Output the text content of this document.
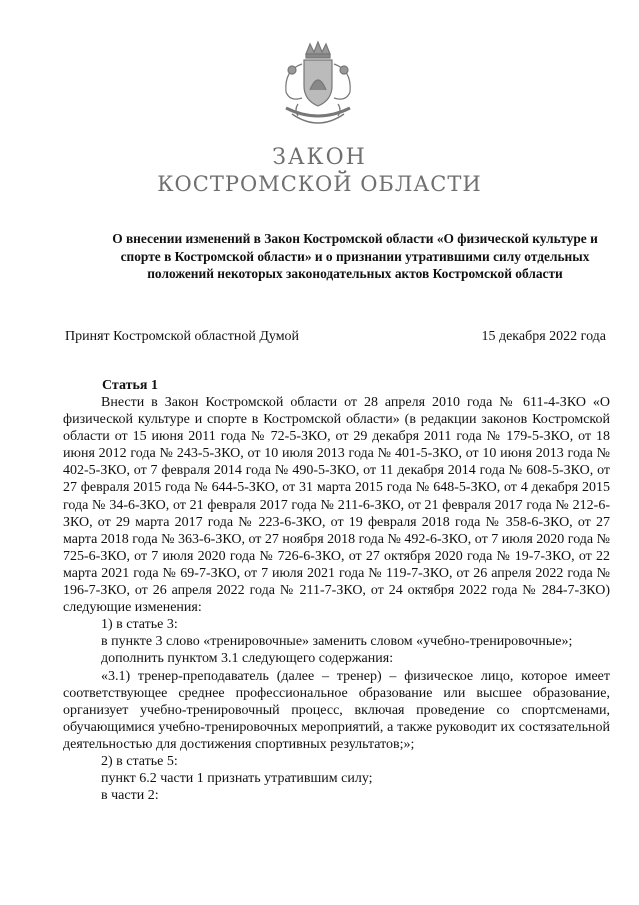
ЗАКОН
КОСТРОМСКОЙ ОБЛАСТИ
О внесении изменений в Закон Костромской области «О физической культуре и спорте в Костромской области» и о признании утратившими силу отдельных положений некоторых законодательных актов Костромской области
Принят Костромской областной Думой	15 декабря 2022 года
Статья 1

Внести в Закон Костромской области от 28 апреля 2010 года № 611-4-ЗКО «О физической культуре и спорте в Костромской области» (в редакции законов Костромской области от 15 июня 2011 года № 72-5-ЗКО, от 29 декабря 2011 года № 179-5-ЗКО, от 18 июня 2012 года № 243-5-ЗКО, от 10 июля 2013 года № 401-5-ЗКО, от 10 июня 2013 года № 402-5-ЗКО, от 7 февраля 2014 года № 490-5-ЗКО, от 11 декабря 2014 года № 608-5-ЗКО, от 27 февраля 2015 года № 644-5-ЗКО, от 31 марта 2015 года № 648-5-ЗКО, от 4 декабря 2015 года № 34-6-ЗКО, от 21 февраля 2017 года № 211-6-ЗКО, от 21 февраля 2017 года № 212-6-ЗКО, от 29 марта 2017 года № 223-6-ЗКО, от 19 февраля 2018 года № 358-6-ЗКО, от 27 марта 2018 года № 363-6-ЗКО, от 27 ноября 2018 года № 492-6-ЗКО, от 7 июля 2020 года № 725-6-ЗКО, от 7 июля 2020 года № 726-6-ЗКО, от 27 октября 2020 года № 19-7-ЗКО, от 22 марта 2021 года № 69-7-ЗКО, от 7 июля 2021 года № 119-7-ЗКО, от 26 апреля 2022 года № 196-7-ЗКО, от 26 апреля 2022 года № 211-7-ЗКО, от 24 октября 2022 года № 284-7-ЗКО) следующие изменения:

1) в статье 3:

в пункте 3 слово «тренировочные» заменить словом «учебно-тренировочные»;

дополнить пунктом 3.1 следующего содержания:

«3.1) тренер-преподаватель (далее – тренер) – физическое лицо, которое имеет соответствующее среднее профессиональное образование или высшее образование, организует учебно-тренировочный процесс, включая проведение со спортсменами, обучающимися учебно-тренировочных мероприятий, а также руководит их состязательной деятельностью для достижения спортивных результатов;»;

2) в статье 5:

пункт 6.2 части 1 признать утратившим силу;

в части 2:
